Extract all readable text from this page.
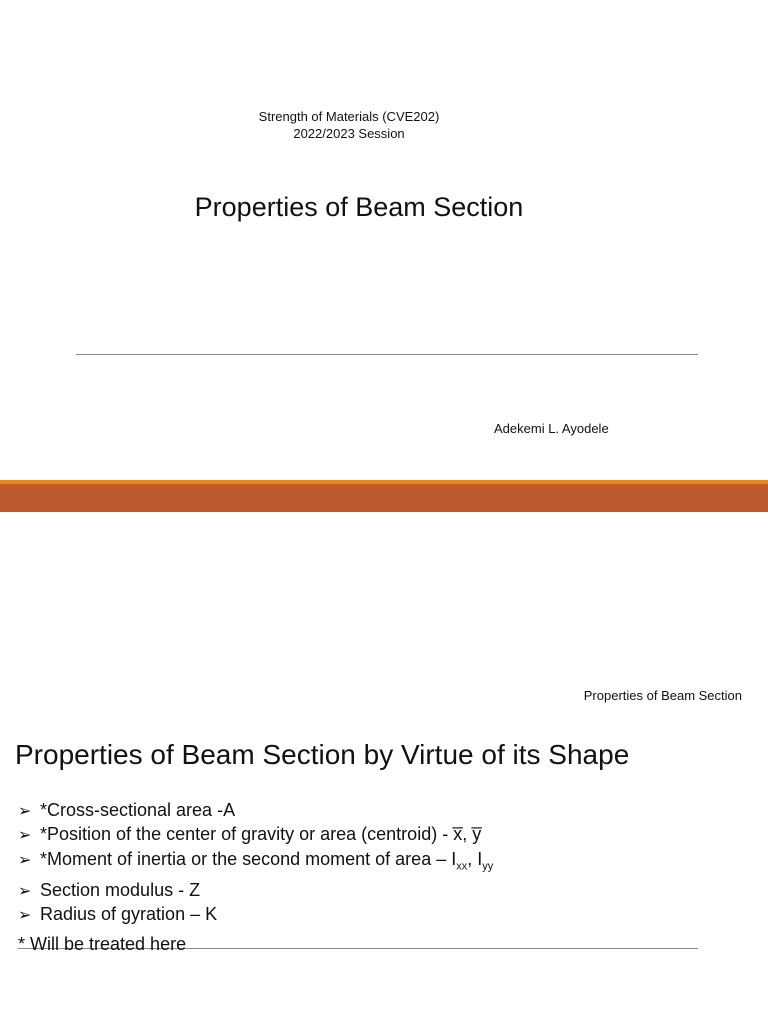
Strength of Materials (CVE202)
2022/2023 Session
Properties of Beam Section
Adekemi L. Ayodele
Properties of Beam Section
Properties of Beam Section by Virtue of its Shape
➢ *Cross-sectional area -A
➢ *Position of the center of gravity or area (centroid) - x̅, y̅
➢ *Moment of inertia or the second moment of area – $I_{xx}$, $I_{yy}$
➢ Section modulus - Z
➢ Radius of gyration – K
* Will be treated here
